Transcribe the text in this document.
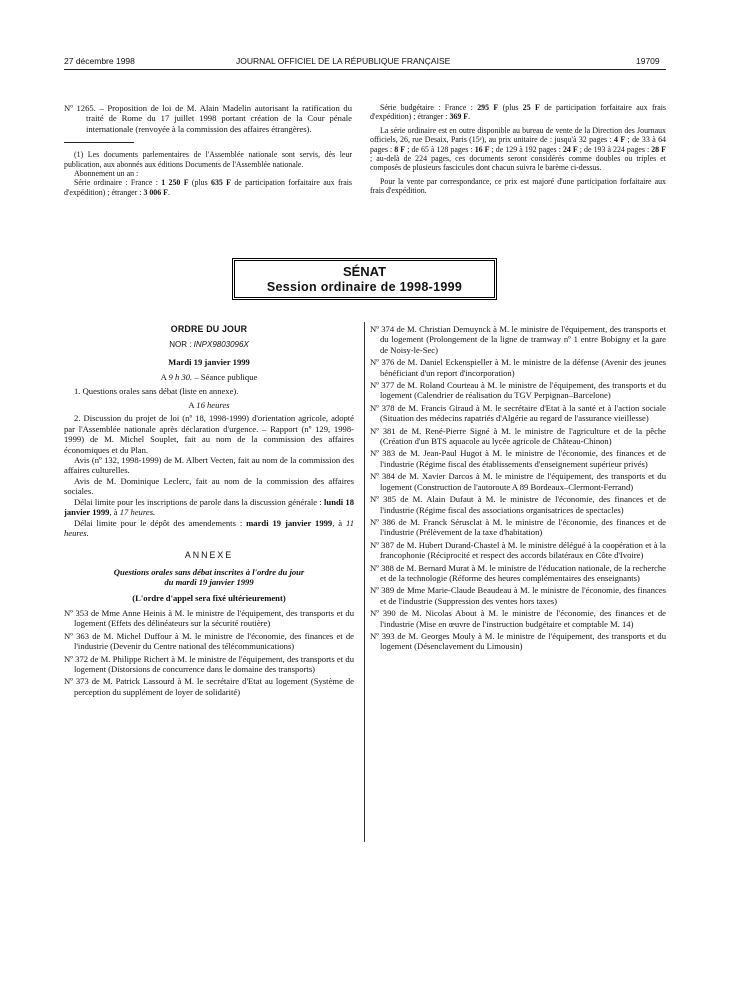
27 décembre 1998	JOURNAL OFFICIEL DE LA RÉPUBLIQUE FRANÇAISE	19709

Nº 1265. – Proposition de loi de M. Alain Madelin autorisant la ratification du traité de Rome du 17 juillet 1998 portant création de la Cour pénale internationale (renvoyée à la commission des affaires étrangères).

(1) Les documents parlementaires de l'Assemblée nationale sont servis, dès leur publication, aux abonnés aux éditions Documents de l'Assemblée nationale.

Abonnement un an :

Série ordinaire : France : 1 250 F (plus 635 F de participation forfaitaire aux frais d'expédition) ; étranger : 3 006 F.

Série budgétaire : France : 295 F (plus 25 F de participation forfaitaire aux frais d'expédition) ; étranger : 369 F.

La série ordinaire est en outre disponible au bureau de vente de la Direction des Journaux officiels, 26, rue Desaix, Paris (15ᵉ), au prix unitaire de : jusqu'à 32 pages : 4 F ; de 33 à 64 pages : 8 F ; de 65 à 128 pages : 16 F ; de 129 à 192 pages : 24 F ; de 193 à 224 pages : 28 F ; au-delà de 224 pages, ces documents seront considérés comme doubles ou triples et composés de plusieurs fascicules dont chacun suivra le barème ci-dessus.

Pour la vente par correspondance, ce prix est majoré d'une participation forfaitaire aux frais d'expédition.

SÉNAT
Session ordinaire de 1998-1999
ORDRE DU JOUR
NOR : INPX9803096X
Mardi 19 janvier 1999
A 9 h 30. – Séance publique

1. Questions orales sans débat (liste en annexe).

A 16 heures

2. Discussion du projet de loi (nº 18, 1998-1999) d'orientation agricole, adopté par l'Assemblée nationale après déclaration d'urgence. – Rapport (nº 129, 1998-1999) de M. Michel Souplet, fait au nom de la commission des affaires économiques et du Plan.

Avis (nº 132, 1998-1999) de M. Albert Vecten, fait au nom de la commission des affaires culturelles.

Avis de M. Dominique Leclerc, fait au nom de la commission des affaires sociales.

Délai limite pour les inscriptions de parole dans la discussion générale : lundi 18 janvier 1999, à 17 heures.

Délai limite pour le dépôt des amendements : mardi 19 janvier 1999, à 11 heures.

ANNEXE
Questions orales sans débat inscrites à l'ordre du jour
du mardi 19 janvier 1999
(L'ordre d'appel sera fixé ultérieurement)

Nº 353 de Mme Anne Heinis à M. le ministre de l'équipement, des transports et du logement (Effets des délinéateurs sur la sécurité routière)

Nº 363 de M. Michel Duffour à M. le ministre de l'économie, des finances et de l'industrie (Devenir du Centre national des télécommunications)

Nº 372 de M. Philippe Richert à M. le ministre de l'équipement, des transports et du logement (Distorsions de concurrence dans le domaine des transports)

Nº 373 de M. Patrick Lassourd à M. le secrétaire d'Etat au logement (Système de perception du supplément de loyer de solidarité)

Nº 374 de M. Christian Demuynck à M. le ministre de l'équipement, des transports et du logement (Prolongement de la ligne de tramway nº 1 entre Bobigny et la gare de Noisy-le-Sec)

Nº 376 de M. Daniel Eckenspieller à M. le ministre de la défense (Avenir des jeunes bénéficiant d'un report d'incorporation)

Nº 377 de M. Roland Courteau à M. le ministre de l'équipement, des transports et du logement (Calendrier de réalisation du TGV Perpignan–Barcelone)

Nº 378 de M. Francis Giraud à M. le secrétaire d'Etat à la santé et à l'action sociale (Situation des médecins rapatriés d'Algérie au regard de l'assurance vieillesse)

Nº 381 de M. René-Pierre Signé à M. le ministre de l'agriculture et de la pêche (Création d'un BTS aquacole au lycée agricole de Château-Chinon)

Nº 383 de M. Jean-Paul Hugot à M. le ministre de l'économie, des finances et de l'industrie (Régime fiscal des établissements d'enseignement supérieur privés)

Nº 384 de M. Xavier Darcos à M. le ministre de l'équipement, des transports et du logement (Construction de l'autoroute A 89 Bordeaux–Clermont-Ferrand)

Nº 385 de M. Alain Dufaut à M. le ministre de l'économie, des finances et de l'industrie (Régime fiscal des associations organisatrices de spectacles)

Nº 386 de M. Franck Sérusclat à M. le ministre de l'économie, des finances et de l'industrie (Prélèvement de la taxe d'habitation)

Nº 387 de M. Hubert Durand-Chastel à M. le ministre délégué à la coopération et à la francophonie (Réciprocité et respect des accords bilatéraux en Côte d'Ivoire)

Nº 388 de M. Bernard Murat à M. le ministre de l'éducation nationale, de la recherche et de la technologie (Réforme des heures complémentaires des enseignants)

Nº 389 de Mme Marie-Claude Beaudeau à M. le ministre de l'économie, des finances et de l'industrie (Suppression des ventes hors taxes)

Nº 390 de M. Nicolas About à M. le ministre de l'économie, des finances et de l'industrie (Mise en œuvre de l'instruction budgétaire et comptable M. 14)

Nº 393 de M. Georges Mouly à M. le ministre de l'équipement, des transports et du logement (Désenclavement du Limousin)
